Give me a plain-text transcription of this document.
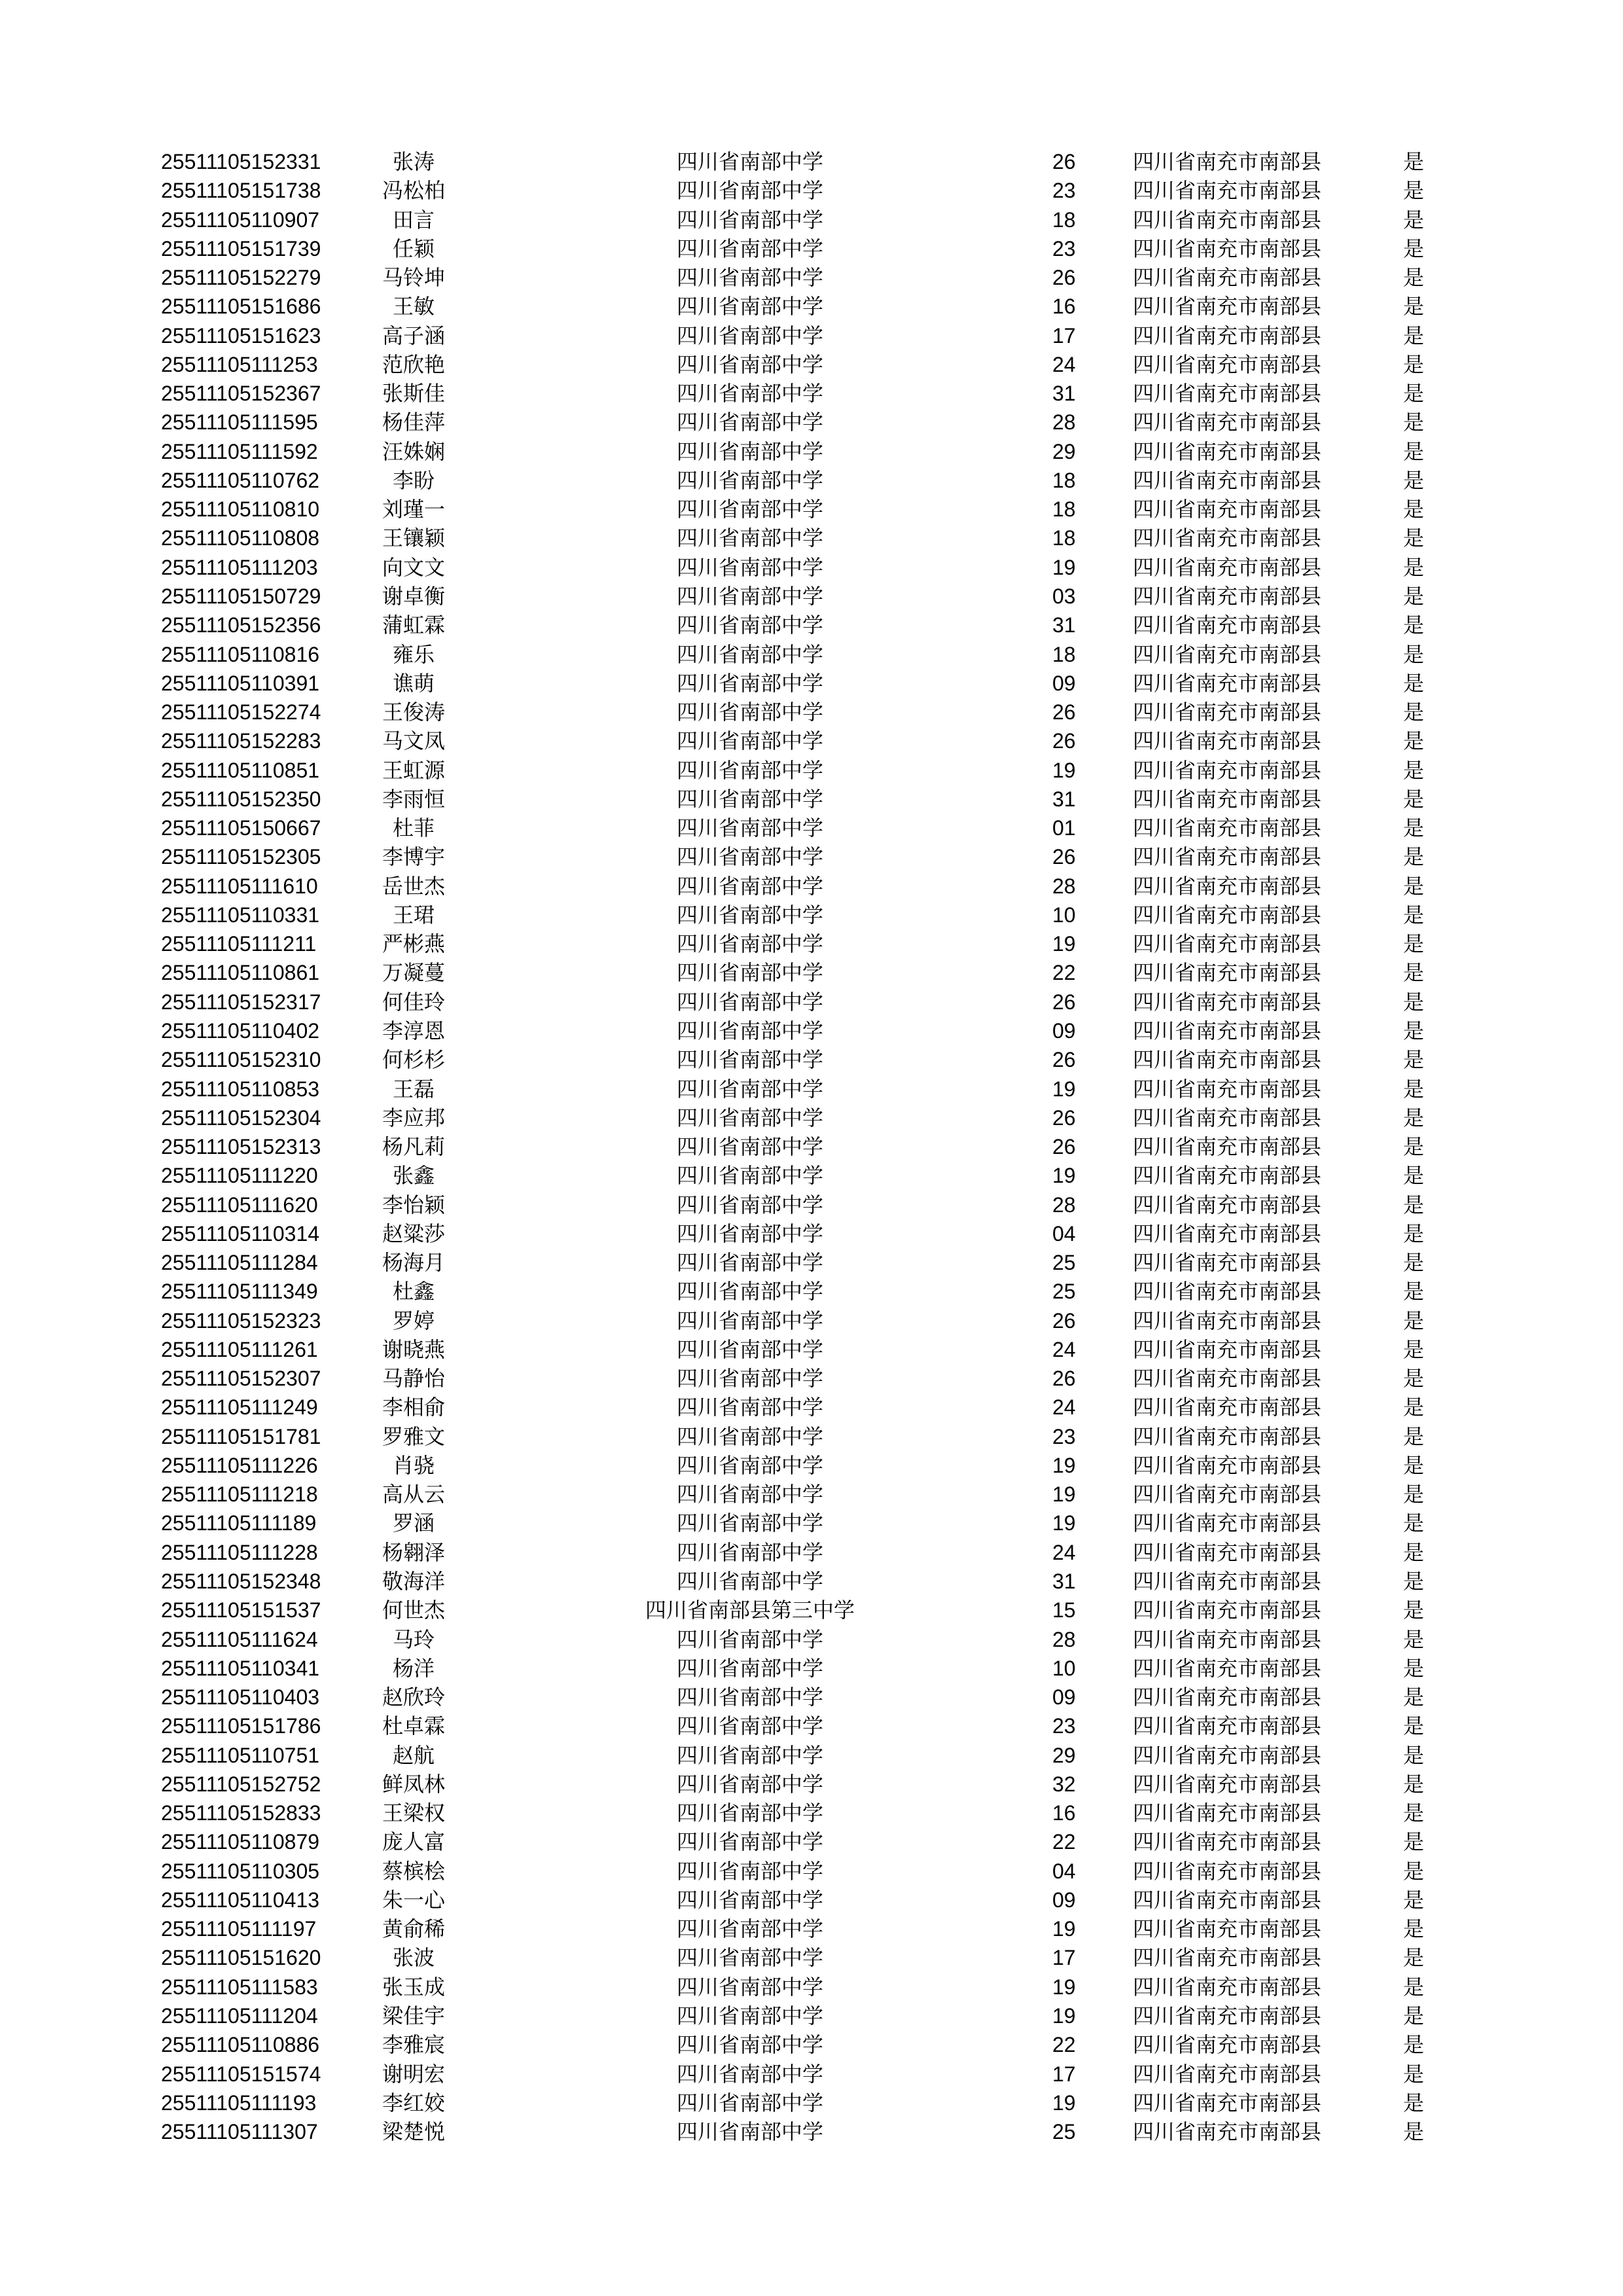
25511105152331	张涛	四川省南部中学	26	四川省南充市南部县	是
25511105151738	冯松柏	四川省南部中学	23	四川省南充市南部县	是
25511105110907	田言	四川省南部中学	18	四川省南充市南部县	是
25511105151739	任颖	四川省南部中学	23	四川省南充市南部县	是
25511105152279	马铃坤	四川省南部中学	26	四川省南充市南部县	是
25511105151686	王敏	四川省南部中学	16	四川省南充市南部县	是
25511105151623	高子涵	四川省南部中学	17	四川省南充市南部县	是
25511105111253	范欣艳	四川省南部中学	24	四川省南充市南部县	是
25511105152367	张斯佳	四川省南部中学	31	四川省南充市南部县	是
25511105111595	杨佳萍	四川省南部中学	28	四川省南充市南部县	是
25511105111592	汪姝娴	四川省南部中学	29	四川省南充市南部县	是
25511105110762	李盼	四川省南部中学	18	四川省南充市南部县	是
25511105110810	刘瑾一	四川省南部中学	18	四川省南充市南部县	是
25511105110808	王镶颖	四川省南部中学	18	四川省南充市南部县	是
25511105111203	向文文	四川省南部中学	19	四川省南充市南部县	是
25511105150729	谢卓衡	四川省南部中学	03	四川省南充市南部县	是
25511105152356	蒲虹霖	四川省南部中学	31	四川省南充市南部县	是
25511105110816	雍乐	四川省南部中学	18	四川省南充市南部县	是
25511105110391	谯萌	四川省南部中学	09	四川省南充市南部县	是
25511105152274	王俊涛	四川省南部中学	26	四川省南充市南部县	是
25511105152283	马文凤	四川省南部中学	26	四川省南充市南部县	是
25511105110851	王虹源	四川省南部中学	19	四川省南充市南部县	是
25511105152350	李雨恒	四川省南部中学	31	四川省南充市南部县	是
25511105150667	杜菲	四川省南部中学	01	四川省南充市南部县	是
25511105152305	李博宇	四川省南部中学	26	四川省南充市南部县	是
25511105111610	岳世杰	四川省南部中学	28	四川省南充市南部县	是
25511105110331	王珺	四川省南部中学	10	四川省南充市南部县	是
25511105111211	严彬燕	四川省南部中学	19	四川省南充市南部县	是
25511105110861	万凝蔓	四川省南部中学	22	四川省南充市南部县	是
25511105152317	何佳玲	四川省南部中学	26	四川省南充市南部县	是
25511105110402	李淳恩	四川省南部中学	09	四川省南充市南部县	是
25511105152310	何杉杉	四川省南部中学	26	四川省南充市南部县	是
25511105110853	王磊	四川省南部中学	19	四川省南充市南部县	是
25511105152304	李应邦	四川省南部中学	26	四川省南充市南部县	是
25511105152313	杨凡莉	四川省南部中学	26	四川省南充市南部县	是
25511105111220	张鑫	四川省南部中学	19	四川省南充市南部县	是
25511105111620	李怡颖	四川省南部中学	28	四川省南充市南部县	是
25511105110314	赵粱莎	四川省南部中学	04	四川省南充市南部县	是
25511105111284	杨海月	四川省南部中学	25	四川省南充市南部县	是
25511105111349	杜鑫	四川省南部中学	25	四川省南充市南部县	是
25511105152323	罗婷	四川省南部中学	26	四川省南充市南部县	是
25511105111261	谢晓燕	四川省南部中学	24	四川省南充市南部县	是
25511105152307	马静怡	四川省南部中学	26	四川省南充市南部县	是
25511105111249	李相俞	四川省南部中学	24	四川省南充市南部县	是
25511105151781	罗雅文	四川省南部中学	23	四川省南充市南部县	是
25511105111226	肖骁	四川省南部中学	19	四川省南充市南部县	是
25511105111218	高从云	四川省南部中学	19	四川省南充市南部县	是
25511105111189	罗涵	四川省南部中学	19	四川省南充市南部县	是
25511105111228	杨翱泽	四川省南部中学	24	四川省南充市南部县	是
25511105152348	敬海洋	四川省南部中学	31	四川省南充市南部县	是
25511105151537	何世杰	四川省南部县第三中学	15	四川省南充市南部县	是
25511105111624	马玲	四川省南部中学	28	四川省南充市南部县	是
25511105110341	杨洋	四川省南部中学	10	四川省南充市南部县	是
25511105110403	赵欣玲	四川省南部中学	09	四川省南充市南部县	是
25511105151786	杜卓霖	四川省南部中学	23	四川省南充市南部县	是
25511105110751	赵航	四川省南部中学	29	四川省南充市南部县	是
25511105152752	鲜凤林	四川省南部中学	32	四川省南充市南部县	是
25511105152833	王梁权	四川省南部中学	16	四川省南充市南部县	是
25511105110879	庞人富	四川省南部中学	22	四川省南充市南部县	是
25511105110305	蔡槟桧	四川省南部中学	04	四川省南充市南部县	是
25511105110413	朱一心	四川省南部中学	09	四川省南充市南部县	是
25511105111197	黄俞稀	四川省南部中学	19	四川省南充市南部县	是
25511105151620	张波	四川省南部中学	17	四川省南充市南部县	是
25511105111583	张玉成	四川省南部中学	19	四川省南充市南部县	是
25511105111204	梁佳宇	四川省南部中学	19	四川省南充市南部县	是
25511105110886	李雅宸	四川省南部中学	22	四川省南充市南部县	是
25511105151574	谢明宏	四川省南部中学	17	四川省南充市南部县	是
25511105111193	李红姣	四川省南部中学	19	四川省南充市南部县	是
25511105111307	梁楚悦	四川省南部中学	25	四川省南充市南部县	是
